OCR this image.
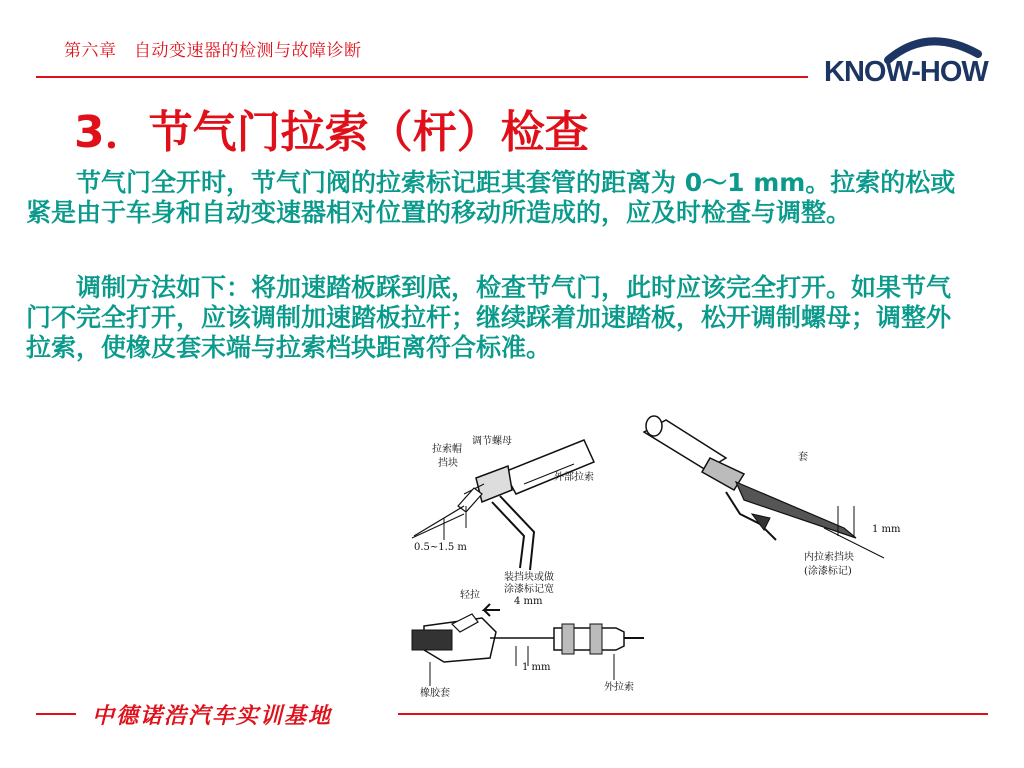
第六章　自动变速器的检测与故障诊断
KNOW-HOW
3．节气门拉索（杆）检查
　　节气门全开时，节气门阀的拉索标记距其套管的距离为 0～1 mm。拉索的松或紧是由于车身和自动变速器相对位置的移动所造成的，应及时检查与调整。
　　调制方法如下：将加速踏板踩到底，检查节气门，此时应该完全打开。如果节气门不完全打开，应该调制加速踏板拉杆；继续踩着加速踏板，松开调制螺母；调整外拉索，使橡皮套末端与拉索档块距离符合标准。
拉索帽
挡块
调节螺母
外部拉索
0.5~1.5 m
套
1 mm
内拉索挡块
(涂漆标记)
轻拉
装挡块或做
涂漆标记宽
4 mm
1 mm
橡胶套
外拉索
中德诺浩汽车实训基地
